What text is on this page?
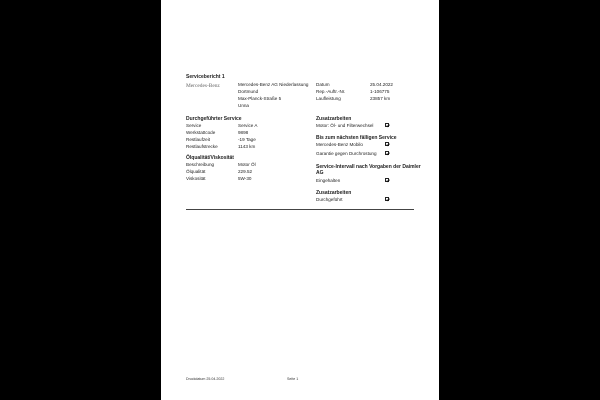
Servicebericht 1
Mercedes-Benz	Mercedes-Benz AG Niederlassung
Dortmund
Max-Planck-Straße 5
Unna
Datum	25.04.2022
Rep.-Auftr.-Nr.	1-106775
Laufleistung	23857 km
Durchgeführter Service
Service	Service A
Werkstattcode	9898
Restlaufzeit	-19 Tage
Restlaufstrecke	1143 km
Ölqualität/Viskosität
Beschreibung	Motor Öl
Ölqualität	229.52
Viskosität	5W-30
Zusatzarbeiten
Motor: Öl- und Filterwechsel
Bis zum nächsten fälligen Service
Mercedes-Benz Mobilo
Garantie gegen Durchrostung
Service-Intervall nach Vorgaben der Daimler
AG
Eingehalten
Zusatzarbeiten
Durchgeführt
Druckdatum 25.04.2022	Seite 1
